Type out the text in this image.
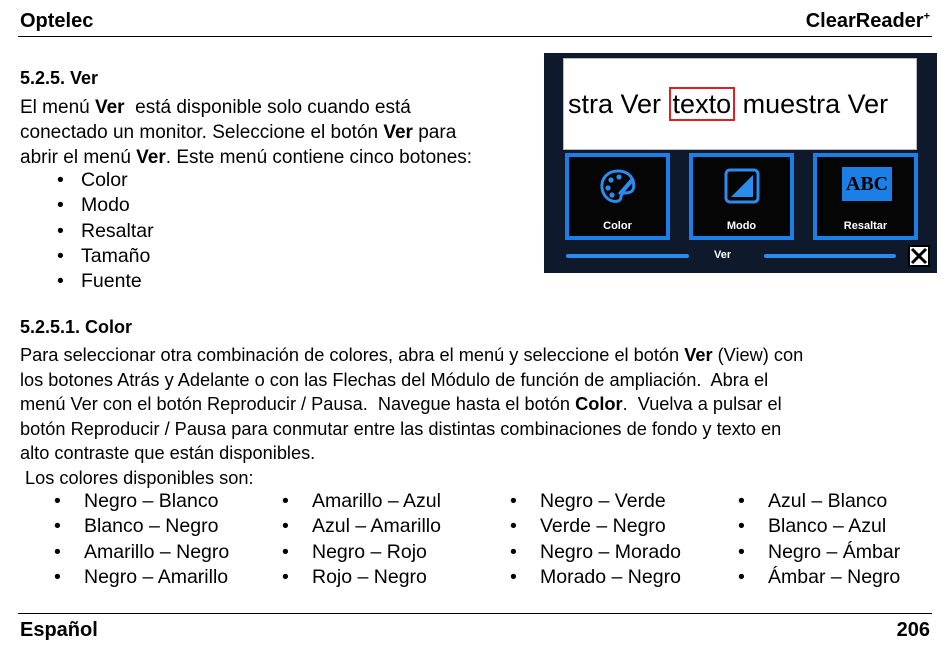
Optelec	ClearReader+
5.2.5. Ver
El menú Ver  está disponible solo cuando está
conectado un monitor. Seleccione el botón Ver para
abrir el menú Ver. Este menú contiene cinco botones:
• Color
• Modo
• Resaltar
• Tamaño
• Fuente
stra Ver texto muestra Ver
Color	Modo
ABC
Resaltar
Ver
5.2.5.1. Color
Para seleccionar otra combinación de colores, abra el menú y seleccione el botón Ver (View) con
los botones Atrás y Adelante o con las Flechas del Módulo de función de ampliación.  Abra el
menú Ver con el botón Reproducir / Pausa.  Navegue hasta el botón Color.  Vuelva a pulsar el
botón Reproducir / Pausa para conmutar entre las distintas combinaciones de fondo y texto en
alto contraste que están disponibles.
Los colores disponibles son:
• Negro – Blanco
• Blanco – Negro
• Amarillo – Negro
• Negro – Amarillo
• Amarillo – Azul
• Azul – Amarillo
• Negro – Rojo
• Rojo – Negro
• Negro – Verde
• Verde – Negro
• Negro – Morado
• Morado – Negro
• Azul – Blanco
• Blanco – Azul
• Negro – Ámbar
• Ámbar – Negro
Español	206
